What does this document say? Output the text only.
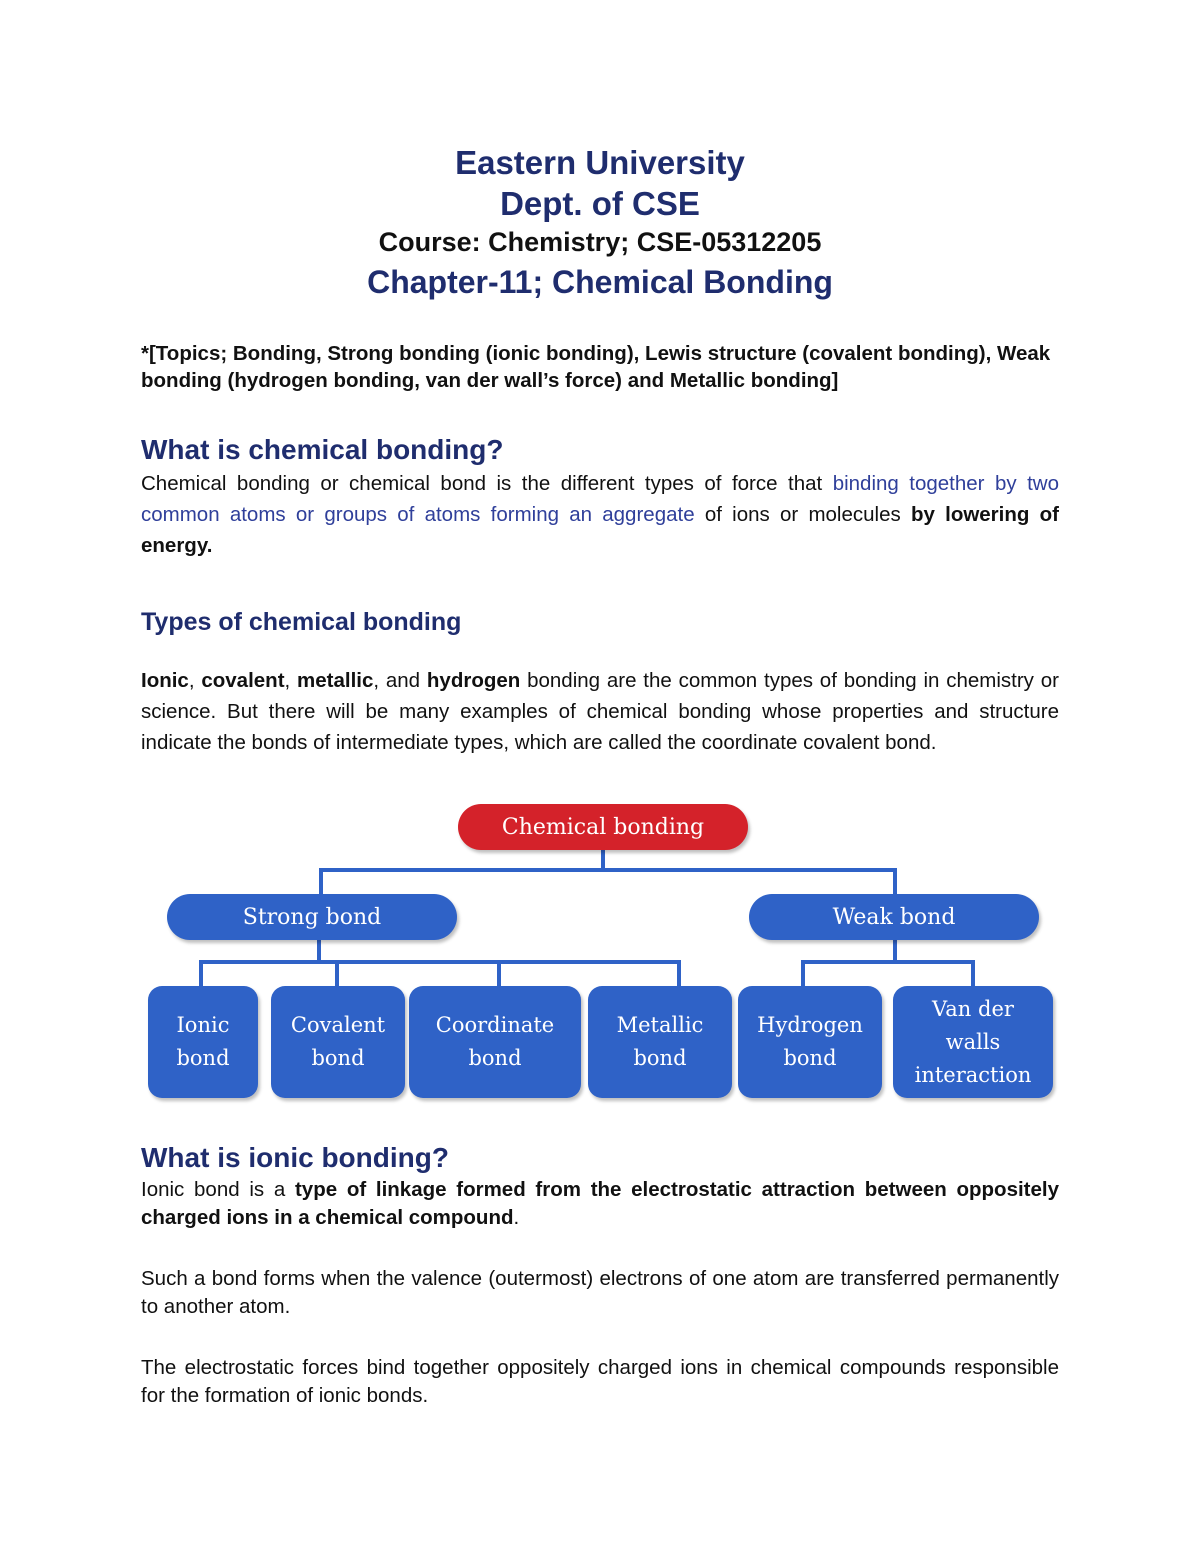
Eastern University
Dept. of CSE
Course: Chemistry; CSE-05312205
Chapter-11; Chemical Bonding
*[Topics; Bonding, Strong bonding (ionic bonding), Lewis structure (covalent bonding), Weak bonding (hydrogen bonding, van der wall’s force) and Metallic bonding]
What is chemical bonding?

Chemical bonding or chemical bond is the different types of force that binding together by two common atoms or groups of atoms forming an aggregate of ions or molecules by lowering of energy.

Types of chemical bonding

Ionic, covalent, metallic, and hydrogen bonding are the common types of bonding in chemistry or science. But there will be many examples of chemical bonding whose properties and structure indicate the bonds of intermediate types, which are called the coordinate covalent bond.

Chemical bonding
Strong bond	Weak bond
Ionic
bond
Covalent
bond
Coordinate
bond
Metallic
bond
Hydrogen
bond
Van der
walls
interaction
What is ionic bonding?

Ionic bond is a type of linkage formed from the electrostatic attraction between oppositely charged ions in a chemical compound.

Such a bond forms when the valence (outermost) electrons of one atom are transferred permanently to another atom.

The electrostatic forces bind together oppositely charged ions in chemical compounds responsible for the formation of ionic bonds.
